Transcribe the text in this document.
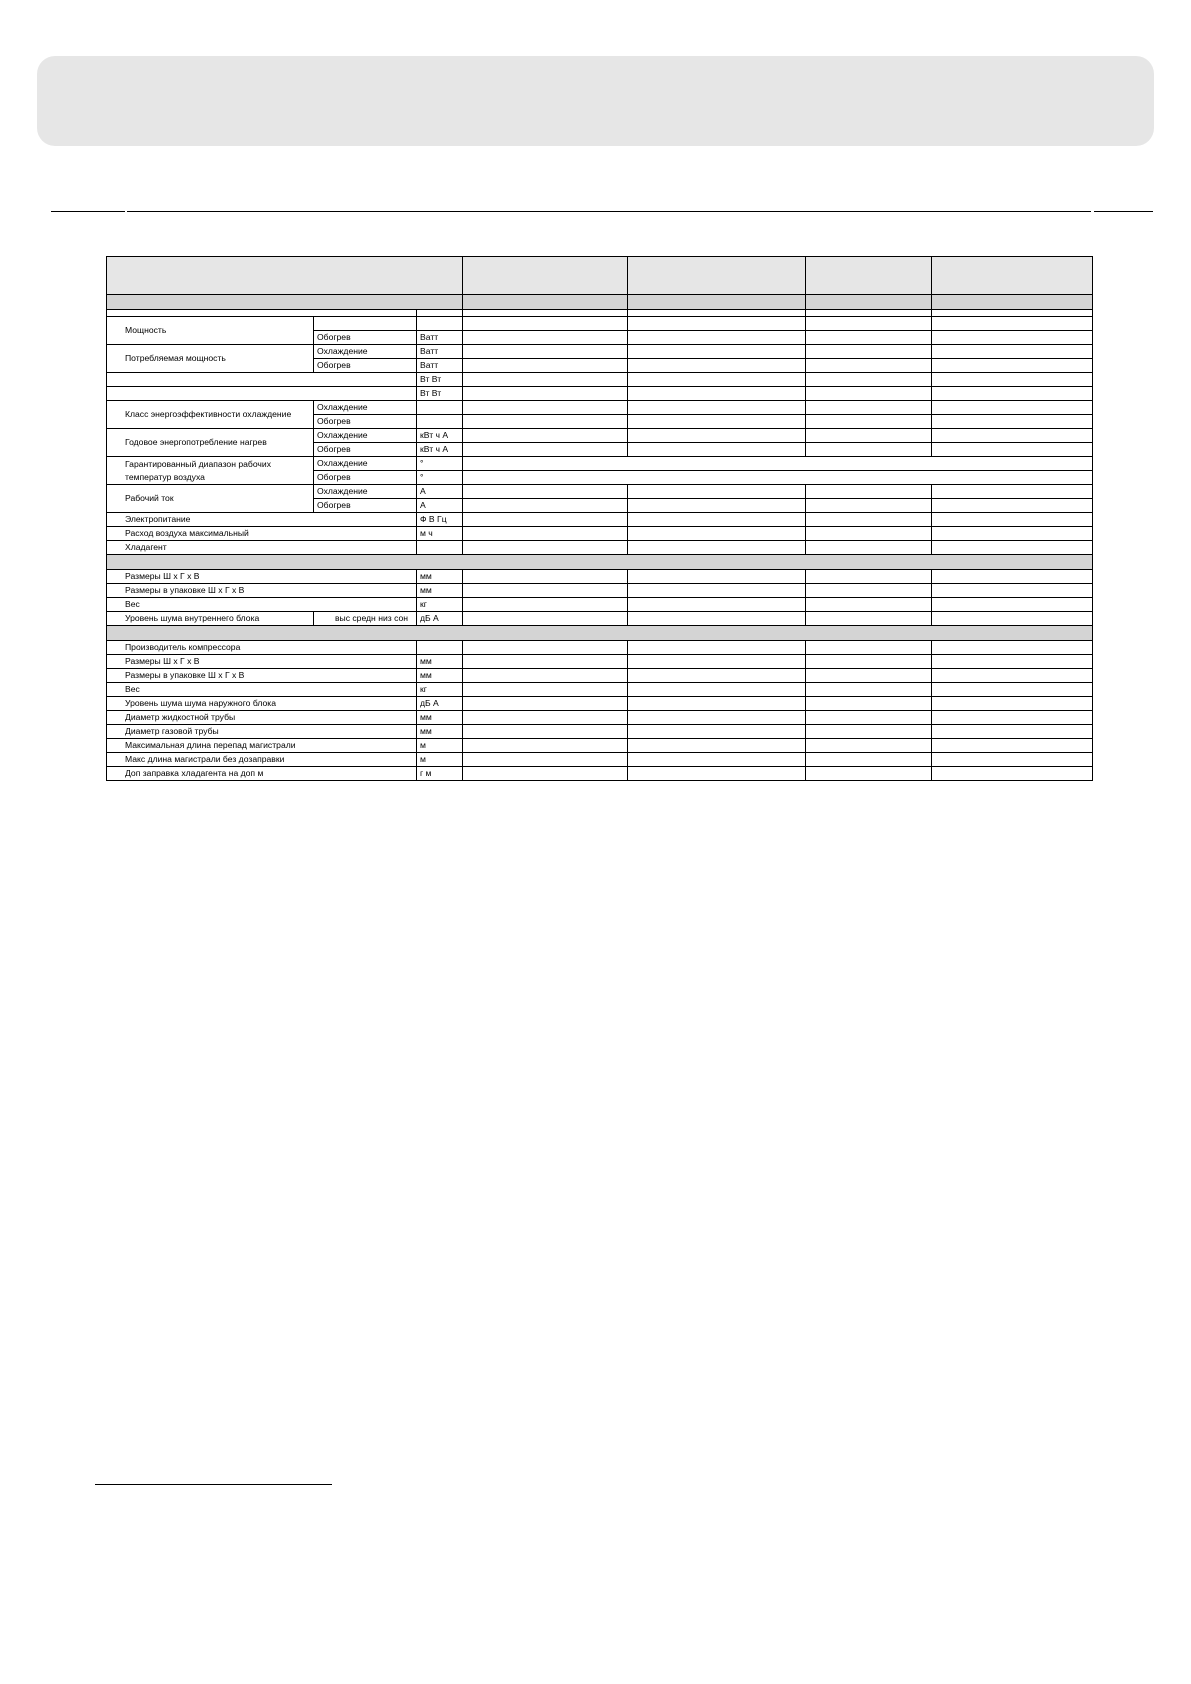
Мощность						
	Обогрев	Ватт				
Потребляемая мощность	Охлаждение	Ватт				
	Обогрев	Ватт				
		Вт Вт				
		Вт Вт				
Класс энергоэффективности охлаждение	Охлаждение					
	Обогрев					
Годовое энергопотребление нагрев	Охлаждение	кВт ч А				
	Обогрев	кВт ч А				
Гарантированный диапазон рабочих температур воздуха	Охлаждение	°				
	Обогрев	°				
Рабочий ток	Охлаждение	А				
	Обогрев	А				
Электропитание		Ф В Гц				
Расход воздуха максимальный		м ч				
Хладагент						

Размеры Ш х Г х В		мм				
Размеры в упаковке Ш х Г х В		мм				
Вес		кг				
Уровень шума внутреннего блока	выс средн низ сон	дБ А				

Производитель компрессора						
Размеры Ш х Г х В		мм				
Размеры в упаковке Ш х Г х В		мм				
Вес		кг				
Уровень шума шума наружного блока		дБ А				
Диаметр жидкостной трубы		мм				
Диаметр газовой трубы		мм				
Максимальная длина перепад магистрали		м				
Макс длина магистрали без дозаправки		м				
Доп заправка хладагента на доп м		г м				
